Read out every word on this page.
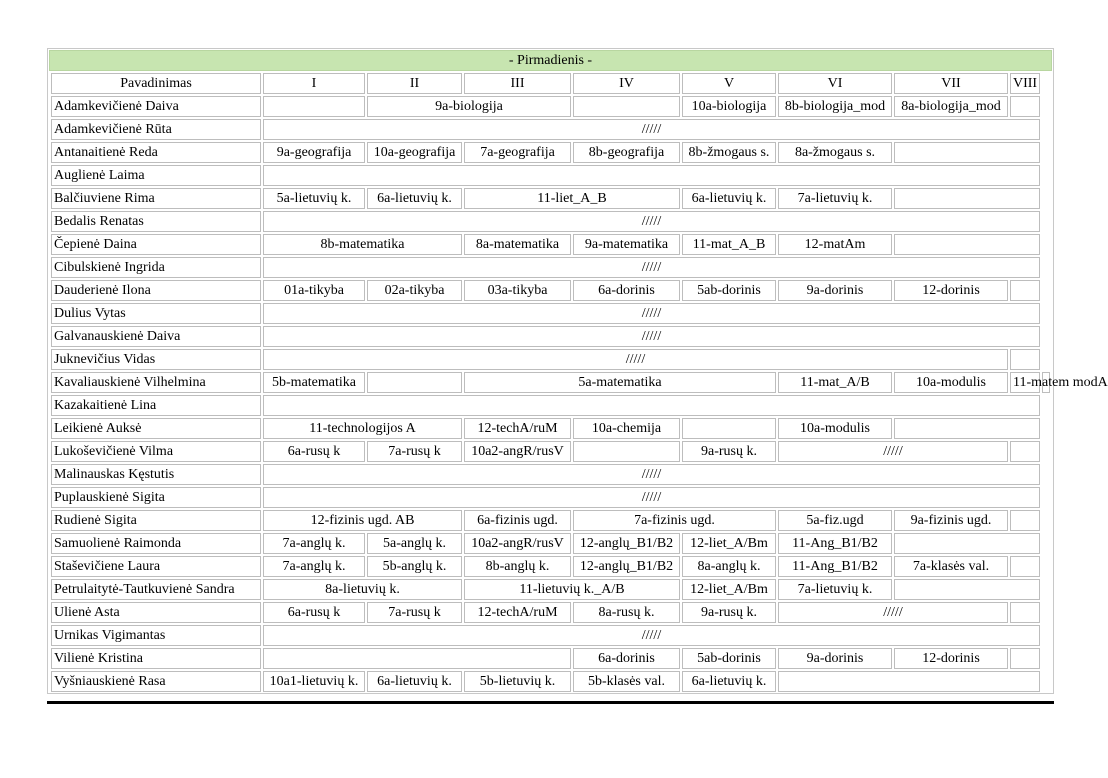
- Pirmadienis -
Pavadinimas	I	II	III	IV	V	VI	VII	VIII	
Adamkevičienė Daiva		9a-biologija			10a-biologija	8b-biologija_mod	8a-biologija_mod		
Adamkevičienė Rūta	/////								
Antanaitienė Reda	9a-geografija	10a-geografija	7a-geografija	8b-geografija	8b-žmogaus s.	8a-žmogaus s.			
Auglienė Laima									
Balčiuviene Rima	5a-lietuvių k.	6a-lietuvių k.	11-liet_A_B		6a-lietuvių k.	7a-lietuvių k.			
Bedalis Renatas	/////								
Čepienė Daina	8b-matematika		8a-matematika	9a-matematika	11-mat_A_B	12-matAm			
Cibulskienė Ingrida	/////								
Dauderienė Ilona	01a-tikyba	02a-tikyba	03a-tikyba	6a-dorinis	5ab-dorinis	9a-dorinis	12-dorinis		
Dulius Vytas	/////								
Galvanauskienė Daiva	/////								
Juknevičius Vidas	/////								
Kavaliauskienė Vilhelmina	5b-matematika		5a-matematika			11-mat_A/B	10a-modulis	11-matem modA	
Kazakaitienė Lina									
Leikienė Auksė	11-technologijos A		12-techA/ruM	10a-chemija		10a-modulis			
Lukoševičienė Vilma	6a-rusų k	7a-rusų k	10a2-angR/rusV		9a-rusų k.	/////			
Malinauskas Kęstutis	/////								
Puplauskienė Sigita	/////								
Rudienė Sigita	12-fizinis ugd. AB		6a-fizinis ugd.	7a-fizinis ugd.		5a-fiz.ugd	9a-fizinis ugd.		
Samuolienė Raimonda	7a-anglų k.	5a-anglų k.	10a2-angR/rusV	12-anglų_B1/B2	12-liet_A/Bm	11-Ang_B1/B2			
Staševičiene Laura	7a-anglų k.	5b-anglų k.	8b-anglų k.	12-anglų_B1/B2	8a-anglų k.	11-Ang_B1/B2	7a-klasės val.		
Petrulaitytė-Tautkuvienė Sandra	8a-lietuvių k.		11-lietuvių k._A/B		12-liet_A/Bm	7a-lietuvių k.			
Ulienė Asta	6a-rusų k	7a-rusų k	12-techA/ruM	8a-rusų k.	9a-rusų k.	/////			
Urnikas Vigimantas	/////								
Vilienė Kristina				6a-dorinis	5ab-dorinis	9a-dorinis	12-dorinis		
Vyšniauskienė Rasa	10a1-lietuvių k.	6a-lietuvių k.	5b-lietuvių k.	5b-klasės val.	6a-lietuvių k.				
